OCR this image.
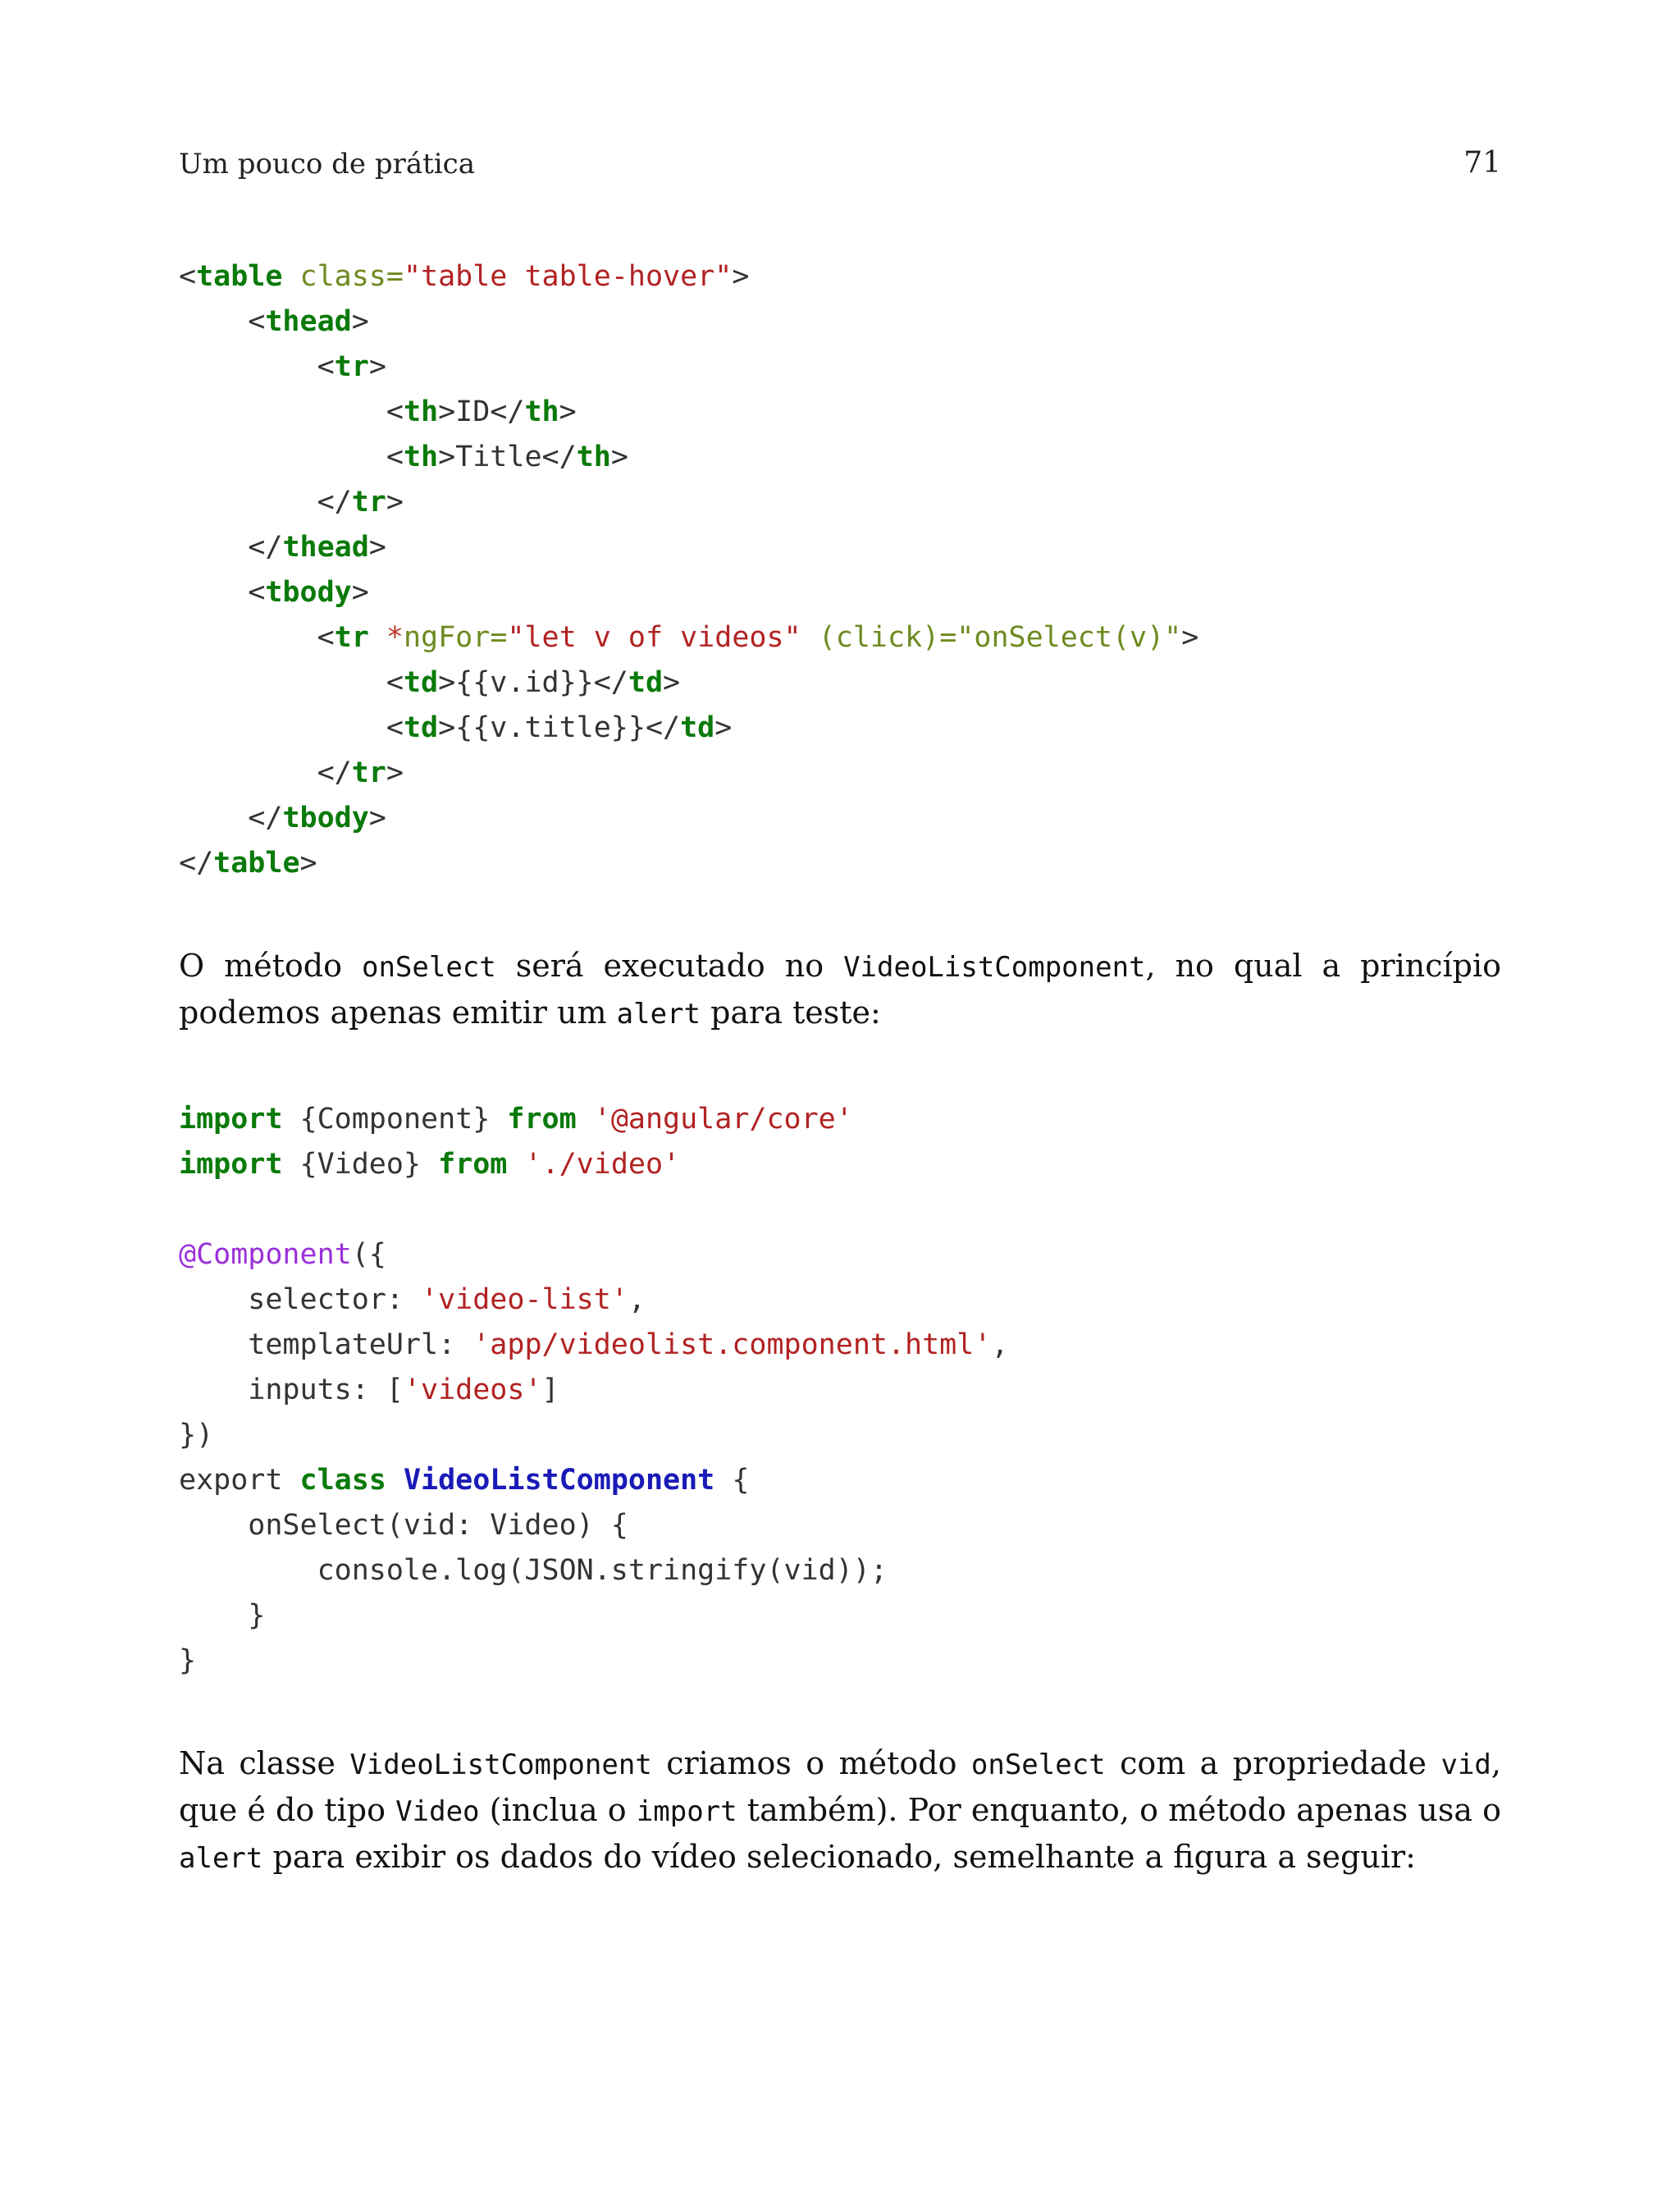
Um pouco de prática	71
<table class="table table-hover">
<thead>
<tr>
<th>ID</th>
<th>Title</th>
</tr>
</thead>
<tbody>
<tr *ngFor="let v of videos" (click)="onSelect(v)">
<td>{{v.id}}</td>
<td>{{v.title}}</td>
</tr>
</tbody>
</table>

O método onSelect será executado no VideoListComponent, no qual a princípio podemos apenas emitir um alert para teste:

import {Component} from '@angular/core'
import {Video} from './video'

@Component({
selector: 'video-list',
templateUrl: 'app/videolist.component.html',
inputs: ['videos']
})
export class VideoListComponent {
onSelect(vid: Video) {
console.log(JSON.stringify(vid));
}
}

Na classe VideoListComponent criamos o método onSelect com a propriedade vid, que é do tipo Video (inclua o import também). Por enquanto, o método apenas usa o alert para exibir os dados do vídeo selecionado, semelhante a figura a seguir:
